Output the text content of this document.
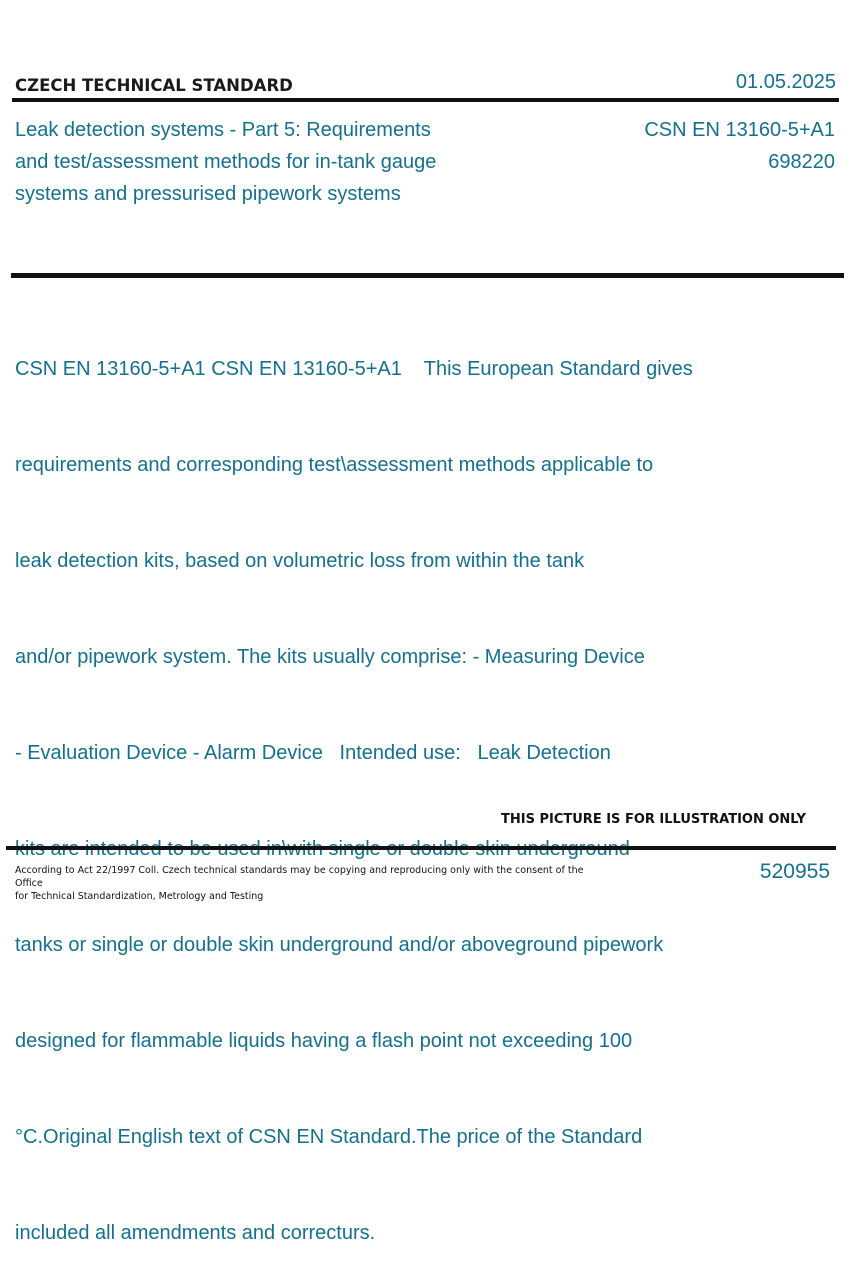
CZECH TECHNICAL STANDARD	01.05.2025
Leak detection systems - Part 5: Requirements
and test/assessment methods for in-tank gauge
systems and pressurised pipework systems
CSN EN 13160-5+A1
698220

CSN EN 13160-5+A1 CSN EN 13160-5+A1    This European Standard gives

requirements and corresponding test\assessment methods applicable to

leak detection kits, based on volumetric loss from within the tank

and/or pipework system. The kits usually comprise: - Measuring Device

- Evaluation Device - Alarm Device   Intended use:   Leak Detection

tanks or single or double skin underground and/or aboveground pipework

designed for flammable liquids having a flash point not exceeding 100

°C.Original English text of CSN EN Standard.The price of the Standard

included all amendments and correcturs.

THIS PICTURE IS FOR ILLUSTRATION ONLY
According to Act 22/1997 Coll. Czech technical standards may be copying and reproducing only with the consent of the Office
for Technical Standardization, Metrology and Testing
520955
